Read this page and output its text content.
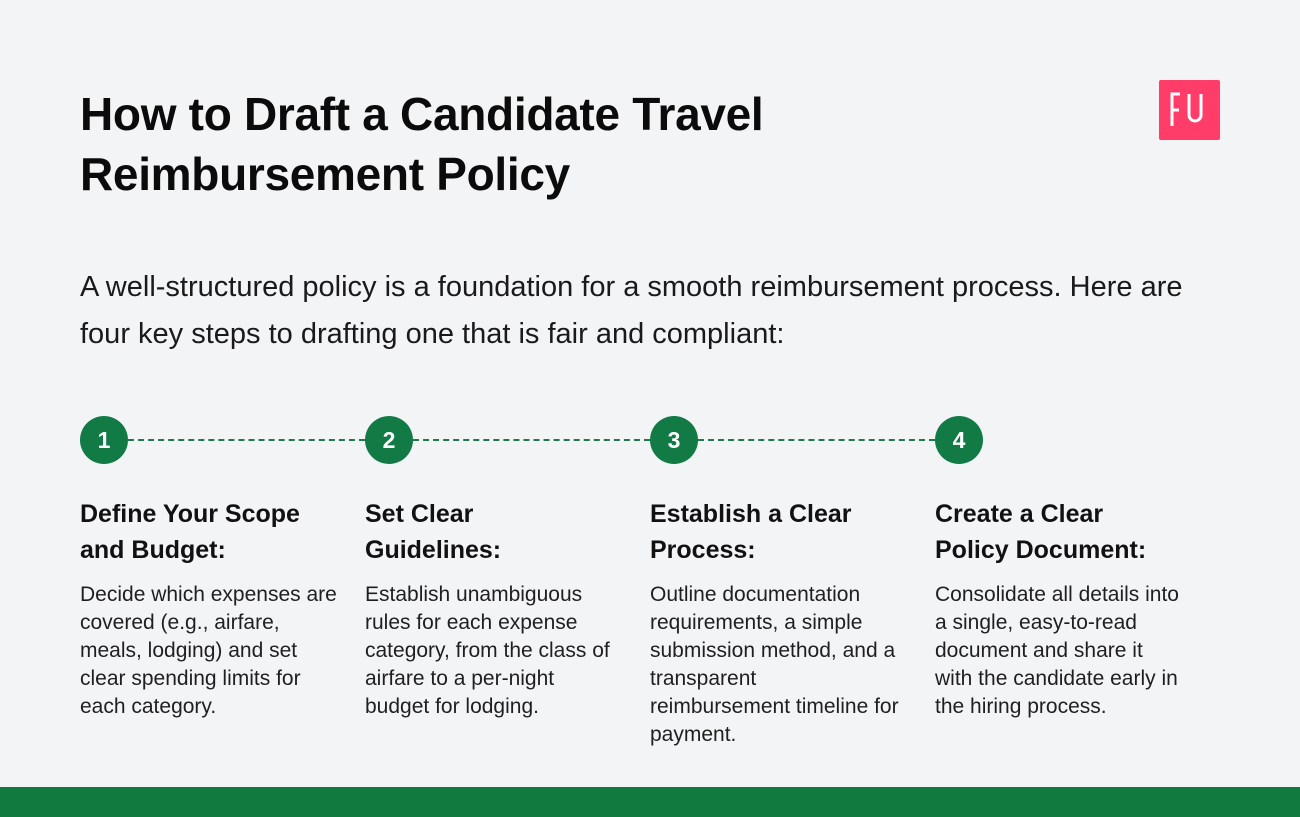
How to Draft a Candidate Travel Reimbursement Policy

A well-structured policy is a foundation for a smooth reimbursement process. Here are four key steps to drafting one that is fair and compliant:

1
Define Your Scope and Budget:

Decide which expenses are covered (e.g., airfare, meals, lodging) and set clear spending limits for each category.

2
Set Clear Guidelines:

Establish unambiguous rules for each expense category, from the class of airfare to a per-night budget for lodging.

3
Establish a Clear Process:

Outline documentation requirements, a simple submission method, and a transparent reimbursement timeline for payment.

4
Create a Clear Policy Document:

Consolidate all details into a single, easy-to-read document and share it with the candidate early in the hiring process.
